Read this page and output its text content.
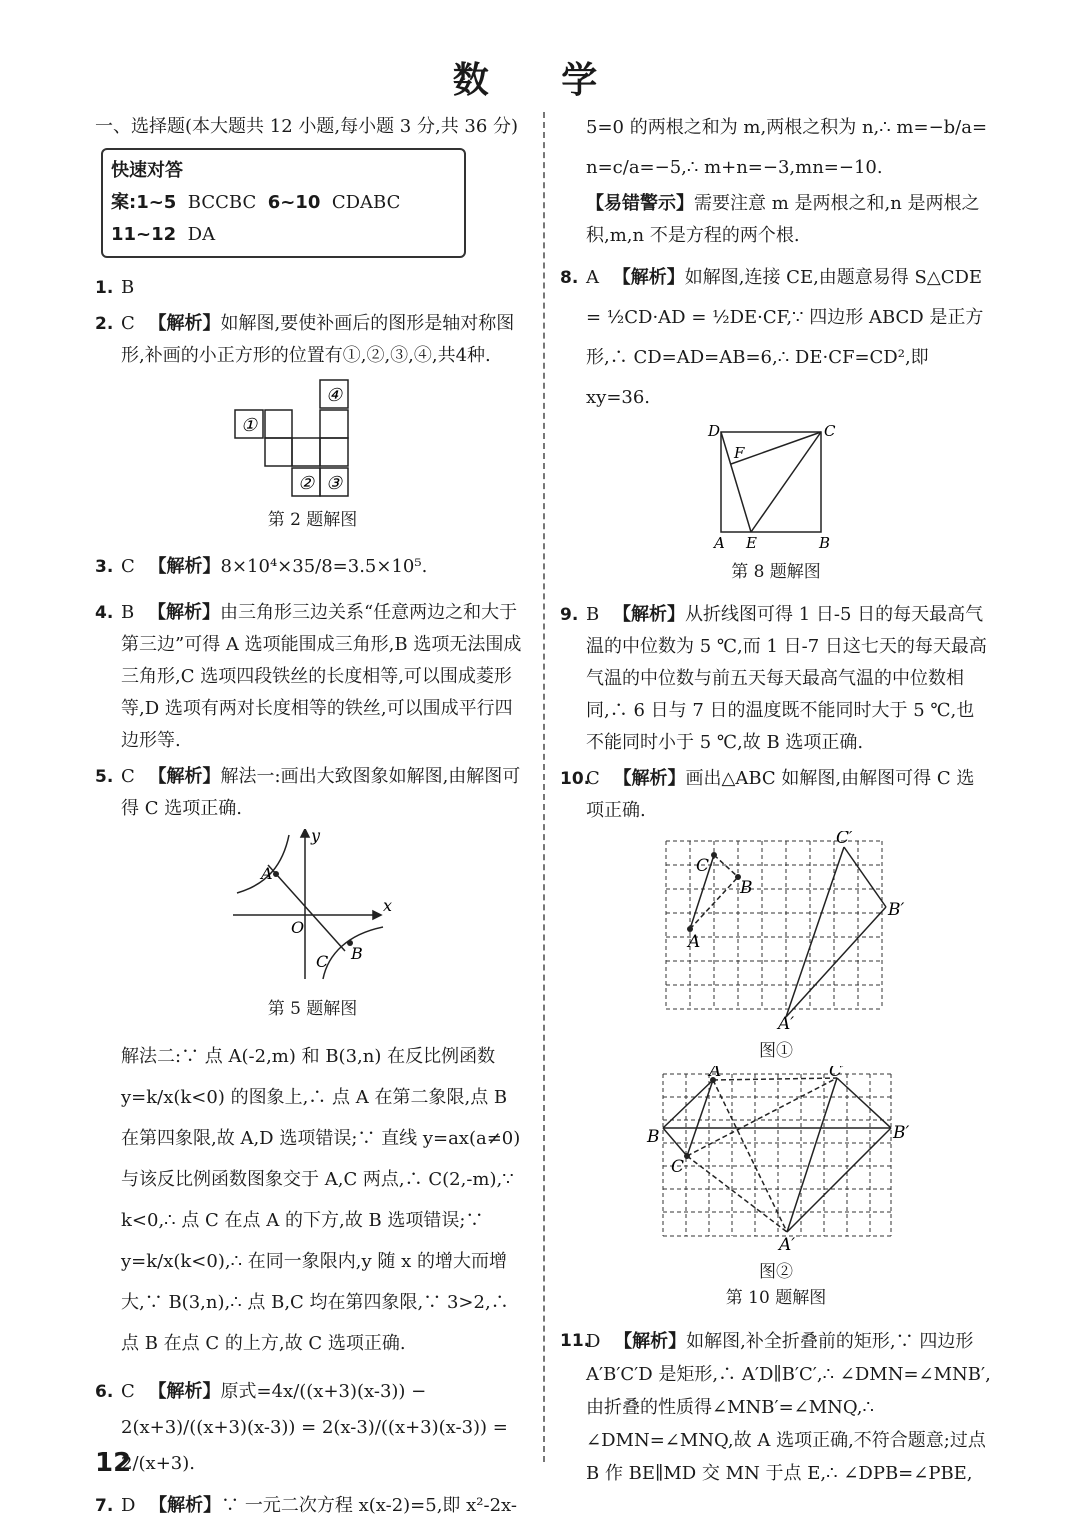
数 学
一、选择题(本大题共 12 小题,每小题 3 分,共 36 分)
快速对答案:1~5 BCCBC 6~10 CDABC
11~12 DA
1. B
2. C 【解析】如解图,要使补画后的图形是轴对称图形,补画的小正方形的位置有①,②,③,④,共4种.
④
①
② ③
第 2 题解图
3. C 【解析】8×10⁴×35/8=3.5×10⁵.
4. B 【解析】由三角形三边关系“任意两边之和大于第三边”可得 A 选项能围成三角形,B 选项无法围成三角形,C 选项四段铁丝的长度相等,可以围成菱形等,D 选项有两对长度相等的铁丝,可以围成平行四边形等.
5. C 【解析】解法一:画出大致图象如解图,由解图可得 C 选项正确.
y
x
O
A
C B
第 5 题解图
解法二:∵ 点 A(-2,m) 和 B(3,n) 在反比例函数 y=k/x(k<0) 的图象上,∴ 点 A 在第二象限,点 B 在第四象限,故 A,D 选项错误;∵ 直线 y=ax(a≠0) 与该反比例函数图象交于 A,C 两点,∴ C(2,-m),∵ k<0,∴ 点 C 在点 A 的下方,故 B 选项错误;∵ y=k/x(k<0),∴ 在同一象限内,y 随 x 的增大而增大,∵ B(3,n),∴ 点 B,C 均在第四象限,∵ 3>2,∴ 点 B 在点 C 的上方,故 C 选项正确.
6. C 【解析】原式=4x/((x+3)(x-3)) − 2(x+3)/((x+3)(x-3)) = 2(x-3)/((x+3)(x-3)) = 2/(x+3).
7. D 【解析】∵ 一元二次方程 x(x-2)=5,即 x²-2x-
5=0 的两根之和为 m,两根之积为 n,∴ m=−b/a= n=c/a=−5,∴ m+n=−3,mn=−10.
【易错警示】需要注意 m 是两根之和,n 是两根之积,m,n 不是方程的两个根.
8. A 【解析】如解图,连接 CE,由题意易得 S△CDE = ½CD·AD = ½DE·CF,∵ 四边形 ABCD 是正方形,∴ CD=AD=AB=6,∴ DE·CF=CD²,即 xy=36.
D	C
F
A E	B
第 8 题解图
9. B 【解析】从折线图可得 1 日-5 日的每天最高气温的中位数为 5 ℃,而 1 日-7 日这七天的每天最高气温的中位数与前五天每天最高气温的中位数相同,∴ 6 日与 7 日的温度既不能同时大于 5 ℃,也不能同时小于 5 ℃,故 B 选项正确.
10.
C 【解析】画出△ABC 如解图,由解图可得 C 选项正确.
C
B
A
C′
B′
A′
图①
A
B
C
C′
B′
A′
图②
第 10 题解图
11.
D 【解析】如解图,补全折叠前的矩形,∵ 四边形 A′B′C′D 是矩形,∴ A′D∥B′C′,∴ ∠DMN=∠MNB′,由折叠的性质得∠MNB′=∠MNQ,∴ ∠DMN=∠MNQ,故 A 选项正确,不符合题意;过点 B 作 BE∥MD 交 MN 于点 E,∴ ∠DPB=∠PBE,
12
